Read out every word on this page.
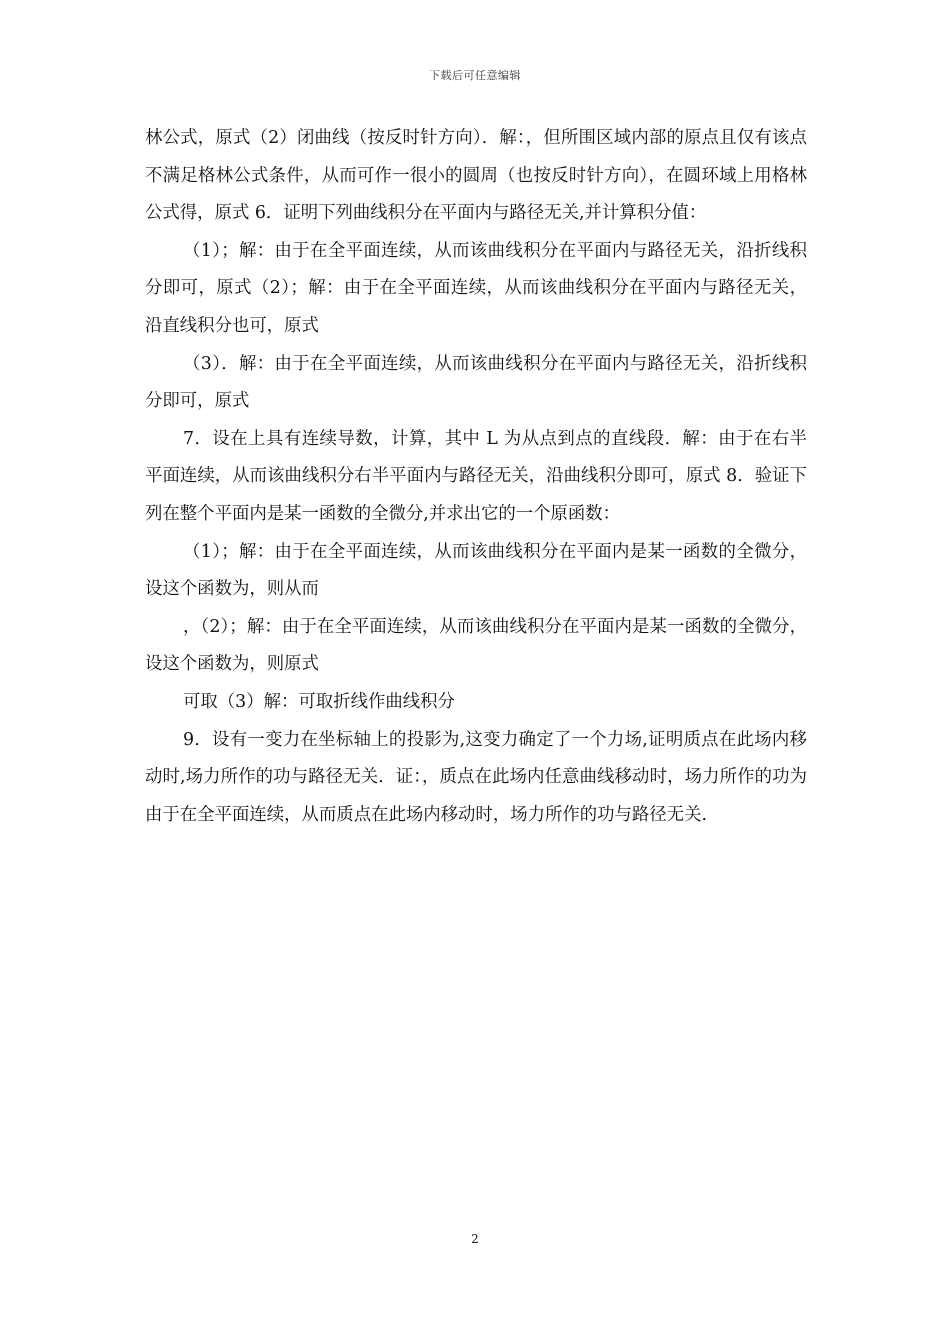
下载后可任意编辑

林公式，原式（2）闭曲线（按反时针方向）．解：，但所围区域内部的原点且仅有该点不满足格林公式条件，从而可作一很小的圆周（也按反时针方向），在圆环域上用格林公式得，原式 6．证明下列曲线积分在平面内与路径无关,并计算积分值：

（1）；解：由于在全平面连续，从而该曲线积分在平面内与路径无关，沿折线积分即可，原式（2）；解：由于在全平面连续，从而该曲线积分在平面内与路径无关，沿直线积分也可，原式

（3）．解：由于在全平面连续，从而该曲线积分在平面内与路径无关，沿折线积分即可，原式

7．设在上具有连续导数，计算，其中 L 为从点到点的直线段．解：由于在右半平面连续，从而该曲线积分右半平面内与路径无关，沿曲线积分即可，原式 8．验证下列在整个平面内是某一函数的全微分,并求出它的一个原函数：

（1）；解：由于在全平面连续，从而该曲线积分在平面内是某一函数的全微分，设这个函数为，则从而

，（2）；解：由于在全平面连续，从而该曲线积分在平面内是某一函数的全微分，设这个函数为，则原式

可取（3）解：可取折线作曲线积分

9．设有一变力在坐标轴上的投影为,这变力确定了一个力场,证明质点在此场内移动时,场力所作的功与路径无关．证：，质点在此场内任意曲线移动时，场力所作的功为由于在全平面连续，从而质点在此场内移动时，场力所作的功与路径无关.

2
